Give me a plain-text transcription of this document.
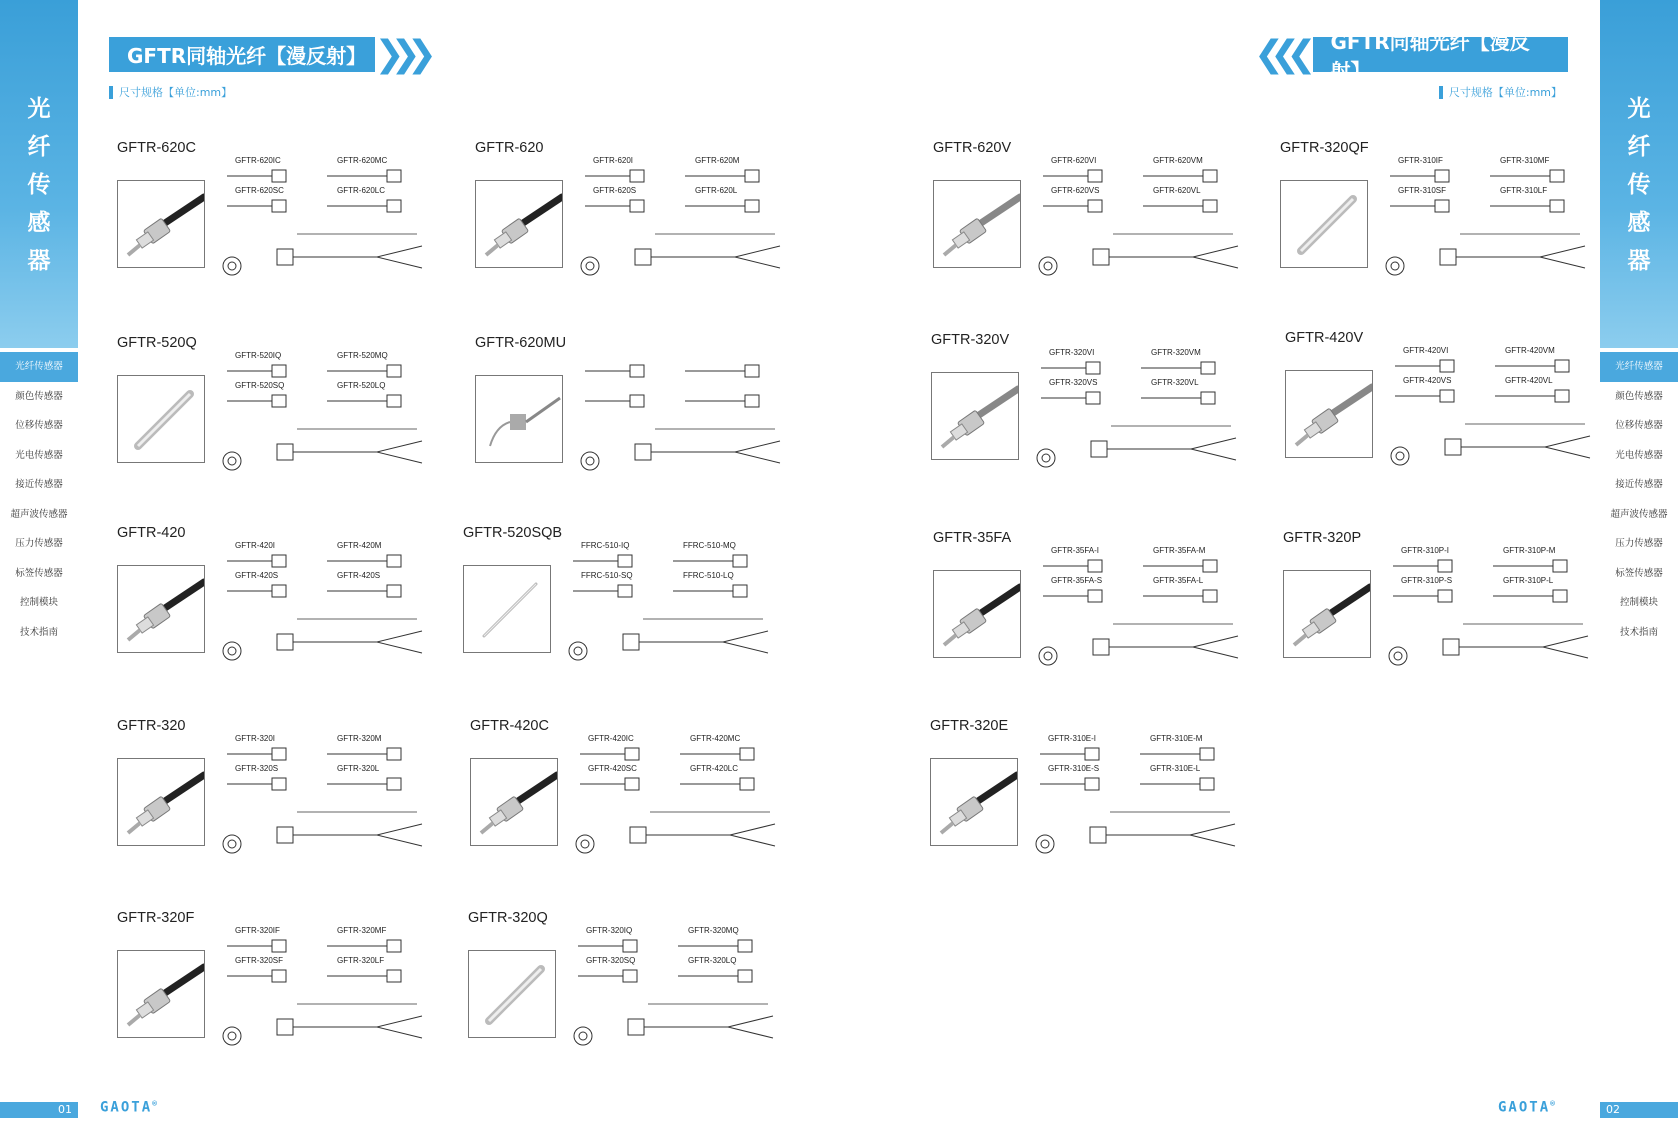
光
纤
传
感
器
光纤传感器
颜色传感器
位移传感器
光电传感器
接近传感器
超声波传感器
压力传感器
标签传感器
控制模块
技术指南
光
纤
传
感
器
光纤传感器
颜色传感器
位移传感器
光电传感器
接近传感器
超声波传感器
压力传感器
标签传感器
控制模块
技术指南
GFTR同轴光纤【漫反射】 ❯❯❯	❮❮❮	GFTR同轴光纤【漫反射】
尺寸规格【单位:mm】	尺寸规格【单位:mm】
GFTR-620C
GFTR-620IC	GFTR-620MC
GFTR-620SC	GFTR-620LC
GFTR-620
GFTR-620I	GFTR-620M
GFTR-620S	GFTR-620L
GFTR-520Q
GFTR-520IQ	GFTR-520MQ
GFTR-520SQ	GFTR-520LQ
GFTR-620MU
GFTR-420
GFTR-420I	GFTR-420M
GFTR-420S	GFTR-420S
GFTR-520SQB
FFRC-510-IQ	FFRC-510-MQ
FFRC-510-SQ	FFRC-510-LQ
GFTR-320
GFTR-320I	GFTR-320M
GFTR-320S	GFTR-320L
GFTR-420C
GFTR-420IC	GFTR-420MC
GFTR-420SC	GFTR-420LC
GFTR-320F
GFTR-320IF	GFTR-320MF
GFTR-320SF	GFTR-320LF
GFTR-320Q
GFTR-320IQ	GFTR-320MQ
GFTR-320SQ	GFTR-320LQ
GFTR-620V
GFTR-620VI	GFTR-620VM
GFTR-620VS	GFTR-620VL
GFTR-320QF
GFTR-310IF	GFTR-310MF
GFTR-310SF	GFTR-310LF
GFTR-320V
GFTR-320VI	GFTR-320VM
GFTR-320VS	GFTR-320VL
GFTR-420V
GFTR-420VI	GFTR-420VM
GFTR-420VS	GFTR-420VL
GFTR-35FA
GFTR-35FA-I	GFTR-35FA-M
GFTR-35FA-S	GFTR-35FA-L
GFTR-320P
GFTR-310P-I	GFTR-310P-M
GFTR-310P-S	GFTR-310P-L
GFTR-320E
GFTR-310E-I	GFTR-310E-M
GFTR-310E-S	GFTR-310E-L
01	02
GAOTA®	GAOTA®
